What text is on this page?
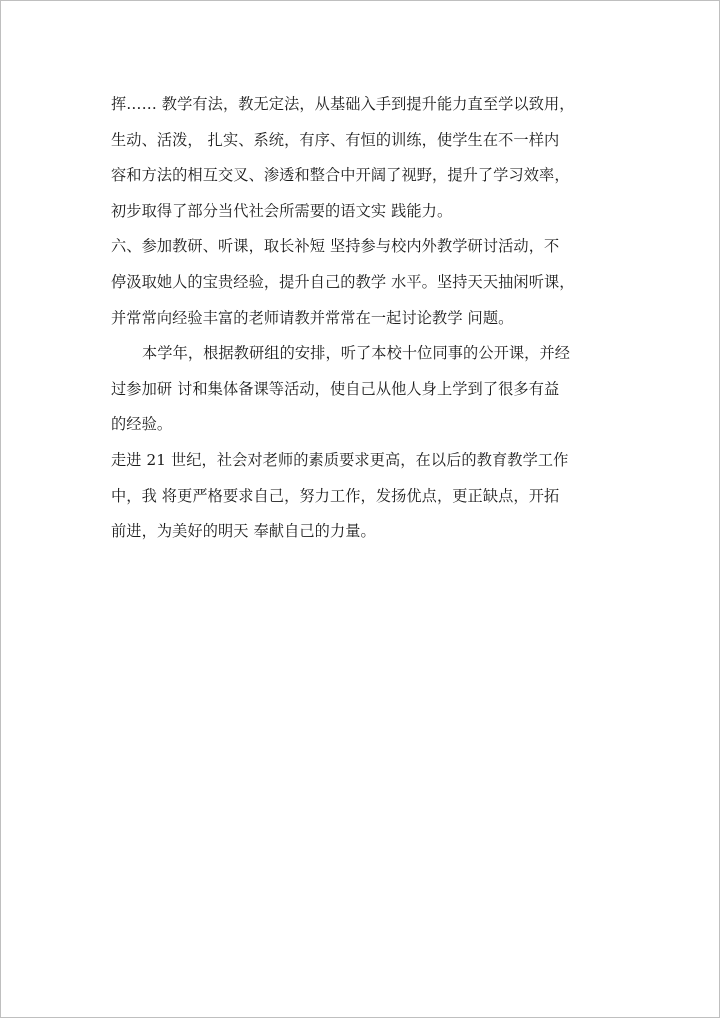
挥…… 教学有法，教无定法，从基础入手到提升能力直至学以致用，
生动、活泼， 扎实、系统，有序、有恒的训练，使学生在不一样内
容和方法的相互交叉、渗透和整合中开阔了视野，提升了学习效率，
初步取得了部分当代社会所需要的语文实 践能力。
六、参加教研、听课，取长补短 坚持参与校内外教学研讨活动，不
停汲取她人的宝贵经验，提升自己的教学 水平。坚持天天抽闲听课，
并常常向经验丰富的老师请教并常常在一起讨论教学 问题。
本学年，根据教研组的安排，听了本校十位同事的公开课，并经
过参加研 讨和集体备课等活动，使自己从他人身上学到了很多有益
的经验。
走进 21 世纪，社会对老师的素质要求更高，在以后的教育教学工作
中，我 将更严格要求自己，努力工作，发扬优点，更正缺点，开拓
前进，为美好的明天 奉献自己的力量。
